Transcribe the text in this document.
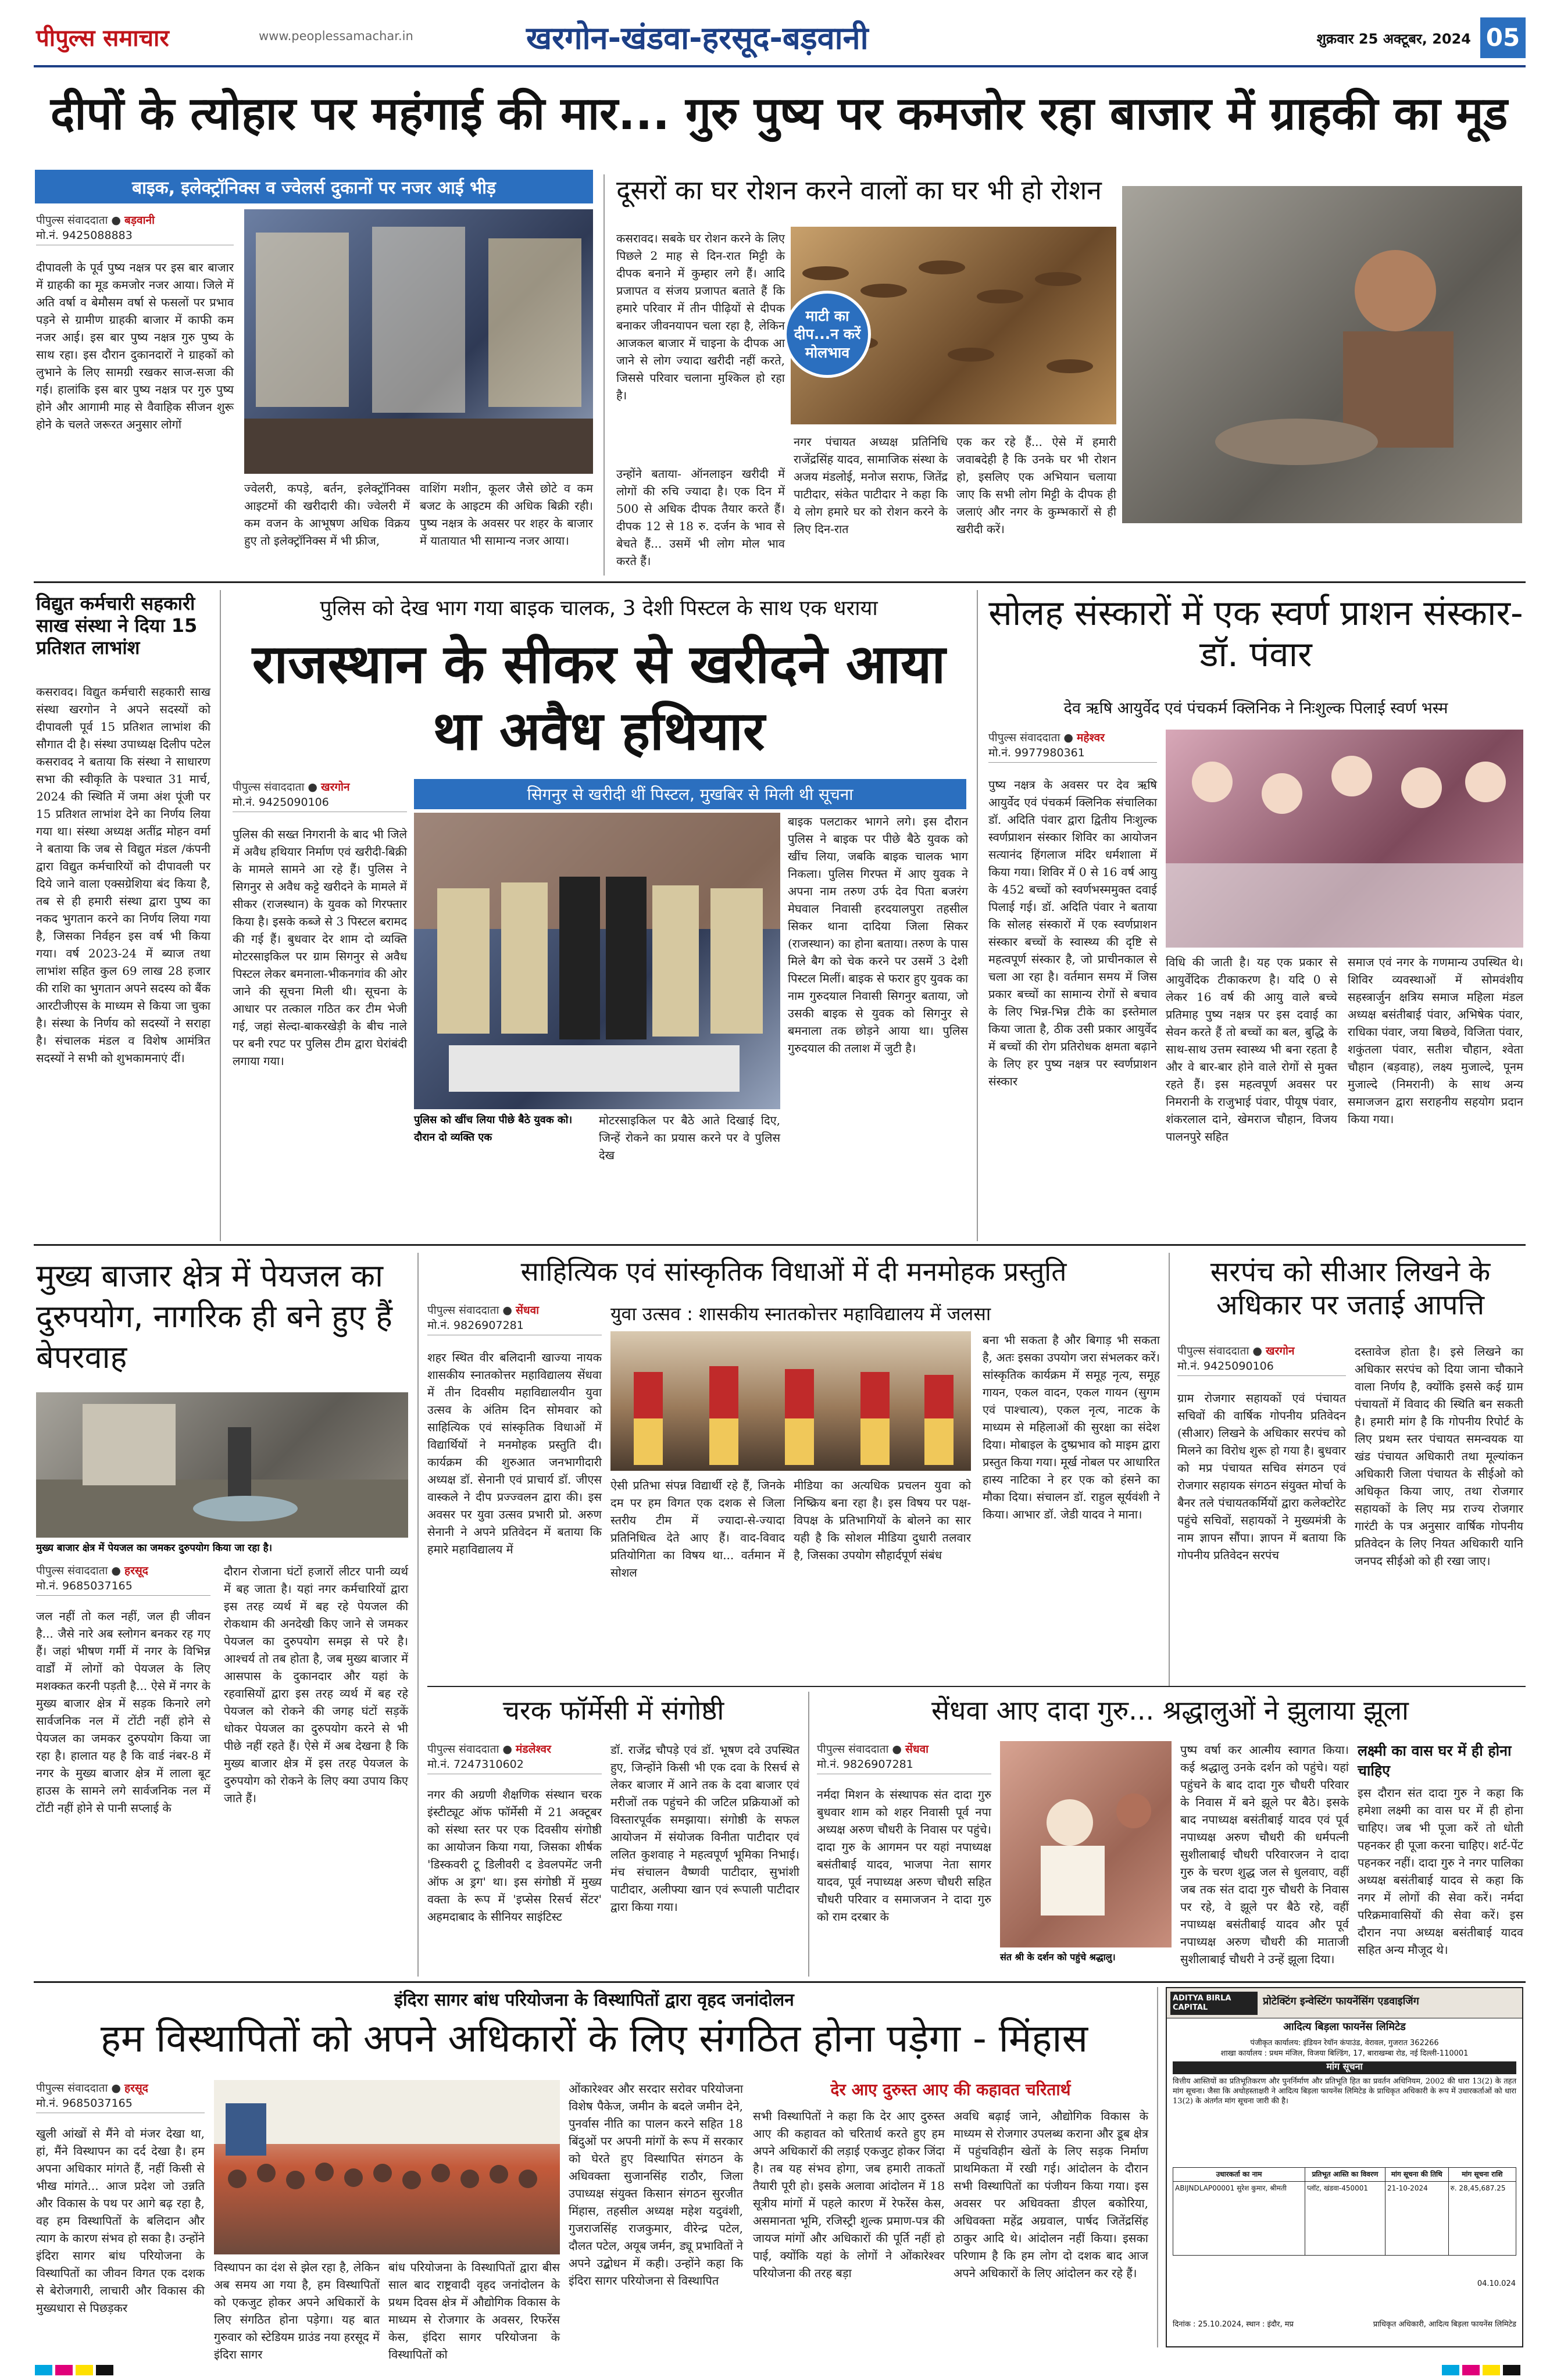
पीपुल्स समाचार	www.peoplessamachar.in	खरगोन-खंडवा-हरसूद-बड़वानी	शुक्रवार 25 अक्टूबर, 2024 05
दीपों के त्योहार पर महंगाई की मार... गुरु पुष्य पर कमजोर रहा बाजार में ग्राहकी का मूड
बाइक, इलेक्ट्रॉनिक्स व ज्वेलर्स दुकानों पर नजर आई भीड़
पीपुल्स संवाददाता ● बड़वानी
मो.नं. 9425088883
दीपावली के पूर्व पुष्य नक्षत्र पर इस बार बाजार में ग्राहकी का मूड कमजोर नजर आया। जिले में अति वर्षा व बेमौसम वर्षा से फसलों पर प्रभाव पड़ने से ग्रामीण ग्राहकी बाजार में काफी कम नजर आई। इस बार पुष्य नक्षत्र गुरु पुष्य के साथ रहा। इस दौरान दुकानदारों ने ग्राहकों को लुभाने के लिए सामग्री रखकर साज-सजा की गई। हालांकि इस बार पुष्य नक्षत्र पर गुरु पुष्य होने और आगामी माह से वैवाहिक सीजन शुरू होने के चलते जरूरत अनुसार लोगों
ज्वेलरी, कपड़े, बर्तन, इलेक्ट्रॉनिक्स आइटमों की खरीदारी की। ज्वेलरी में कम वजन के आभूषण अधिक विक्रय हुए तो इलेक्ट्रॉनिक्स में भी फ्रीज,
वाशिंग मशीन, कूलर जैसे छोटे व कम बजट के आइटम की अधिक बिक्री रही। पुष्य नक्षत्र के अवसर पर शहर के बाजार में यातायात भी सामान्य नजर आया।
दूसरों का घर रोशन करने वालों का घर भी हो रोशन
माटी का दीप...न करें मोलभाव
कसरावद। सबके घर रोशन करने के लिए पिछले 2 माह से दिन-रात मिट्टी के दीपक बनाने में कुम्हार लगे हैं। आदि प्रजापत व संजय प्रजापत बताते हैं कि हमारे परिवार में तीन पीढ़ियों से दीपक बनाकर जीवनयापन चला रहा है, लेकिन आजकल बाजार में चाइना के दीपक आ जाने से लोग ज्यादा खरीदी नहीं करते, जिससे परिवार चलाना मुश्किल हो रहा है।
उन्होंने बताया- ऑनलाइन खरीदी में लोगों की रुचि ज्यादा है। एक दिन में 500 से अधिक दीपक तैयार करते हैं। दीपक 12 से 18 रु. दर्जन के भाव से बेचते हैं... उसमें भी लोग मोल भाव करते हैं।
नगर पंचायत अध्यक्ष प्रतिनिधि राजेंद्रसिंह यादव, सामाजिक संस्था के अजय मंडलोई, मनोज सराफ, जितेंद्र पाटीदार, संकेत पाटीदार ने कहा कि ये लोग हमारे घर को रोशन करने के लिए दिन-रात
एक कर रहे हैं... ऐसे में हमारी जवाबदेही है कि उनके घर भी रोशन हो, इसलिए एक अभियान चलाया जाए कि सभी लोग मिट्टी के दीपक ही जलाएं और नगर के कुम्भकारों से ही खरीदी करें।
विद्युत कर्मचारी सहकारी साख संस्था ने दिया 15 प्रतिशत लाभांश
कसरावद। विद्युत कर्मचारी सहकारी साख संस्था खरगोन ने अपने सदस्यों को दीपावली पूर्व 15 प्रतिशत लाभांश की सौगात दी है। संस्था उपाध्यक्ष दिलीप पटेल कसरावद ने बताया कि संस्था ने साधारण सभा की स्वीकृति के पश्चात 31 मार्च, 2024 की स्थिति में जमा अंश पूंजी पर 15 प्रतिशत लाभांश देने का निर्णय लिया गया था। संस्था अध्यक्ष अतींद्र मोहन वर्मा ने बताया कि जब से विद्युत मंडल /कंपनी द्वारा विद्युत कर्मचारियों को दीपावली पर दिये जाने वाला एक्सग्रेशिया बंद किया है, तब से ही हमारी संस्था द्वारा पुष्य का नकद भुगतान करने का निर्णय लिया गया है, जिसका निर्वहन इस वर्ष भी किया गया। वर्ष 2023-24 में ब्याज तथा लाभांश सहित कुल 69 लाख 28 हजार की राशि का भुगतान अपने सदस्य को बैंक आरटीजीएस के माध्यम से किया जा चुका है। संस्था के निर्णय को सदस्यों ने सराहा है। संचालक मंडल व विशेष आमंत्रित सदस्यों ने सभी को शुभकामनाएं दीं।
पुलिस को देख भाग गया बाइक चालक, 3 देशी पिस्टल के साथ एक धराया
राजस्थान के सीकर से खरीदने आया था अवैध हथियार
पीपुल्स संवाददाता ● खरगोन
मो.नं. 9425090106	सिगनुर से खरीदी थीं पिस्टल, मुखबिर से मिली थी सूचना
पुलिस की सख्त निगरानी के बाद भी जिले में अवैध हथियार निर्माण एवं खरीदी-बिक्री के मामले सामने आ रहे हैं। पुलिस ने सिगनुर से अवैध कट्टे खरीदने के मामले में सीकर (राजस्थान) के युवक को गिरफ्तार किया है। इसके कब्जे से 3 पिस्टल बरामद की गई हैं। बुधवार देर शाम दो व्यक्ति मोटरसाइकिल पर ग्राम सिगनुर से अवैध पिस्टल लेकर बमनाला-भीकनगांव की ओर जाने की सूचना मिली थी। सूचना के आधार पर तत्काल गठित कर टीम भेजी गई, जहां सेल्दा-बाकरखेड़ी के बीच नाले पर बनी रपट पर पुलिस टीम द्वारा घेरांबंदी लगाया गया।
पुलिस को खींच लिया पीछे बैठे युवक को। दौरान दो व्यक्ति एक
मोटरसाइकिल पर बैठे आते दिखाई दिए, जिन्हें रोकने का प्रयास करने पर वे पुलिस देख
बाइक पलटाकर भागने लगे। इस दौरान पुलिस ने बाइक पर पीछे बैठे युवक को खींच लिया, जबकि बाइक चालक भाग निकला। पुलिस गिरफ्त में आए युवक ने अपना नाम तरुण उर्फ देव पिता बजरंग मेघवाल निवासी हरदयालपुरा तहसील सिकर थाना दादिया जिला सिकर (राजस्थान) का होना बताया। तरुण के पास मिले बैग को चेक करने पर उसमें 3 देशी पिस्टल मिलीं। बाइक से फरार हुए युवक का नाम गुरुदयाल निवासी सिगनुर बताया, जो उसकी बाइक से युवक को सिगनुर से बमनाला तक छोड़ने आया था। पुलिस गुरुदयाल की तलाश में जुटी है।
सोलह संस्कारों में एक स्वर्ण प्राशन संस्कार- डॉ. पंवार
देव ऋषि आयुर्वेद एवं पंचकर्म क्लिनिक ने निःशुल्क पिलाई स्वर्ण भस्म
पीपुल्स संवाददाता ● महेश्वर
मो.नं. 9977980361
पुष्य नक्षत्र के अवसर पर देव ऋषि आयुर्वेद एवं पंचकर्म क्लिनिक संचालिका डॉ. अदिति पंवार द्वारा द्वितीय निःशुल्क स्वर्णप्राशन संस्कार शिविर का आयोजन सत्यानंद हिंगलाज मंदिर धर्मशाला में किया गया। शिविर में 0 से 16 वर्ष आयु के 452 बच्चों को स्वर्णभस्ममुक्त दवाई पिलाई गई। डॉ. अदिति पंवार ने बताया कि सोलह संस्कारों में एक स्वर्णप्राशन संस्कार बच्चों के स्वास्थ्य की दृष्टि से महत्वपूर्ण संस्कार है, जो प्राचीनकाल से चला आ रहा है। वर्तमान समय में जिस प्रकार बच्चों का सामान्य रोगों से बचाव के लिए भिन्न-भिन्न टीके का इस्तेमाल किया जाता है, ठीक उसी प्रकार आयुर्वेद में बच्चों की रोग प्रतिरोधक क्षमता बढ़ाने के लिए हर पुष्य नक्षत्र पर स्वर्णप्राशन संस्कार
विधि की जाती है। यह एक प्रकार से आयुर्वेदिक टीकाकरण है। यदि 0 से लेकर 16 वर्ष की आयु वाले बच्चे प्रतिमाह पुष्य नक्षत्र पर इस दवाई का सेवन करते हैं तो बच्चों का बल, बुद्धि के साथ-साथ उत्तम स्वास्थ्य भी बना रहता है और वे बार-बार होने वाले रोगों से मुक्त रहते हैं। इस महत्वपूर्ण अवसर पर निमरानी के राजुभाई पंवार, पीयूष पंवार, शंकरलाल दाने, खेमराज चौहान, विजय पालनपुरे सहित
समाज एवं नगर के गणमान्य उपस्थित थे। शिविर व्यवस्थाओं में सोमवंशीय सहस्त्रार्जुन क्षत्रिय समाज महिला मंडल अध्यक्ष बसंतीबाई पंवार, अभिषेक पंवार, राधिका पंवार, जया बिछवे, विजिता पंवार, शकुंतला पंवार, सतीश चौहान, श्वेता चौहान (बड़वाह), लक्ष्य मुजाल्दे, पूनम मुजाल्दे (निमरानी) के साथ अन्य समाजजन द्वारा सराहनीय सहयोग प्रदान किया गया।
मुख्य बाजार क्षेत्र में पेयजल का दुरुपयोग, नागरिक ही बने हुए हैं बेपरवाह
मुख्य बाजार क्षेत्र में पेयजल का जमकर दुरुपयोग किया जा रहा है।
पीपुल्स संवाददाता ● हरसूद
मो.नं. 9685037165
जल नहीं तो कल नहीं, जल ही जीवन है... जैसे नारे अब स्लोगन बनकर रह गए हैं। जहां भीषण गर्मी में नगर के विभिन्न वार्डों में लोगों को पेयजल के लिए मशक्कत करनी पड़ती है... ऐसे में नगर के मुख्य बाजार क्षेत्र में सड़क किनारे लगे सार्वजनिक नल में टोंटी नहीं होने से पेयजल का जमकर दुरुपयोग किया जा रहा है। हालात यह है कि वार्ड नंबर-8 में नगर के मुख्य बाजार क्षेत्र में लाला बूट हाउस के सामने लगे सार्वजनिक नल में टोंटी नहीं होने से पानी सप्लाई के
दौरान रोजाना घंटों हजारों लीटर पानी व्यर्थ में बह जाता है। यहां नगर कर्मचारियों द्वारा इस तरह व्यर्थ में बह रहे पेयजल की रोकथाम की अनदेखी किए जाने से जमकर पेयजल का दुरुपयोग समझ से परे है। आश्चर्य तो तब होता है, जब मुख्य बाजार में आसपास के दुकानदार और यहां के रहवासियों द्वारा इस तरह व्यर्थ में बह रहे पेयजल को रोकने की जगह घंटों सड़कें धोकर पेयजल का दुरुपयोग करने से भी पीछे नहीं रहते हैं। ऐसे में अब देखना है कि मुख्य बाजार क्षेत्र में इस तरह पेयजल के दुरुपयोग को रोकने के लिए क्या उपाय किए जाते हैं।
साहित्यिक एवं सांस्कृतिक विधाओं में दी मनमोहक प्रस्तुति
पीपुल्स संवाददाता ● सेंधवा
मो.नं. 9826907281
युवा उत्सव : शासकीय स्नातकोत्तर महाविद्यालय में जलसा
शहर स्थित वीर बलिदानी खाज्या नायक शासकीय स्नातकोत्तर महाविद्यालय सेंधवा में तीन दिवसीय महाविद्यालयीन युवा उत्सव के अंतिम दिन सोमवार को साहित्यिक एवं सांस्कृतिक विधाओं में विद्यार्थियों ने मनमोहक प्रस्तुति दी। कार्यक्रम की शुरुआत जनभागीदारी अध्यक्ष डॉ. सेनानी एवं प्राचार्य डॉ. जीएस वास्कले ने दीप प्रज्ज्वलन द्वारा की। इस अवसर पर युवा उत्सव प्रभारी प्रो. अरुण सेनानी ने अपने प्रतिवेदन में बताया कि हमारे महाविद्यालय में
ऐसी प्रतिभा संपन्न विद्यार्थी रहे हैं, जिनके दम पर हम विगत एक दशक से जिला स्तरीय टीम में ज्यादा-से-ज्यादा प्रतिनिधित्व देते आए हैं। वाद-विवाद प्रतियोगिता का विषय था... वर्तमान में सोशल
मीडिया का अत्यधिक प्रचलन युवा को निष्क्रिय बना रहा है। इस विषय पर पक्ष-विपक्ष के प्रतिभागियों के बोलने का सार यही है कि सोशल मीडिया दुधारी तलवार है, जिसका उपयोग सौहार्दपूर्ण संबंध
बना भी सकता है और बिगाड़ भी सकता है, अतः इसका उपयोग जरा संभलकर करें। सांस्कृतिक कार्यक्रम में समूह नृत्य, समूह गायन, एकल वादन, एकल गायन (सुगम एवं पाश्चात्य), एकल नृत्य, नाटक के माध्यम से महिलाओं की सुरक्षा का संदेश दिया। मोबाइल के दुष्प्रभाव को माइम द्वारा प्रस्तुत किया गया। मूर्ख नोबल पर आधारित हास्य नाटिका ने हर एक को हंसने का मौका दिया। संचालन डॉ. राहुल सूर्यवंशी ने किया। आभार डॉ. जेडी यादव ने माना।
सरपंच को सीआर लिखने के अधिकार पर जताई आपत्ति
पीपुल्स संवाददाता ● खरगोन
मो.नं. 9425090106
ग्राम रोजगार सहायकों एवं पंचायत सचिवों की वार्षिक गोपनीय प्रतिवेदन (सीआर) लिखने के अधिकार सरपंच को मिलने का विरोध शुरू हो गया है। बुधवार को मप्र पंचायत सचिव संगठन एवं रोजगार सहायक संगठन संयुक्त मोर्चा के बैनर तले पंचायतकर्मियों द्वारा कलेक्टोरेट पहुंचे सचिवों, सहायकों ने मुख्यमंत्री के नाम ज्ञापन सौंपा। ज्ञापन में बताया कि गोपनीय प्रतिवेदन सरपंच
दस्तावेज होता है। इसे लिखने का अधिकार सरपंच को दिया जाना चौकाने वाला निर्णय है, क्योंकि इससे कई ग्राम पंचायतों में विवाद की स्थिति बन सकती है। हमारी मांग है कि गोपनीय रिपोर्ट के लिए प्रथम स्तर पंचायत समन्वयक या खंड पंचायत अधिकारी तथा मूल्यांकन अधिकारी जिला पंचायत के सीईओ को अधिकृत किया जाए, तथा रोजगार सहायकों के लिए मप्र राज्य रोजगार गारंटी के पत्र अनुसार वार्षिक गोपनीय प्रतिवेदन के लिए नियत अधिकारी यानि जनपद सीईओ को ही रखा जाए।
चरक फॉर्मेसी में संगोष्ठी
पीपुल्स संवाददाता ● मंडलेश्वर
मो.नं. 7247310602
नगर की अग्रणी शैक्षणिक संस्थान चरक इंस्टीट्यूट ऑफ फॉर्मेसी में 21 अक्टूबर को संस्था स्तर पर एक दिवसीय संगोष्ठी का आयोजन किया गया, जिसका शीर्षक 'डिस्कवरी टू डिलीवरी द डेवलपमेंट जनी ऑफ अ ड्रग' था। इस संगोष्ठी में मुख्य वक्ता के रूप में 'इप्सेस रिसर्च सेंटर' अहमदाबाद के सीनियर साइंटिस्ट
डॉ. राजेंद्र चौपड़े एवं डॉ. भूषण दवे उपस्थित हुए, जिन्होंने किसी भी एक दवा के रिसर्च से लेकर बाजार में आने तक के दवा बाजार एवं मरीजों तक पहुंचने की जटिल प्रक्रियाओं को विस्तारपूर्वक समझाया। संगोष्ठी के सफल आयोजन में संयोजक विनीता पाटीदार एवं ललित कुशवाह ने महत्वपूर्ण भूमिका निभाई। मंच संचालन वैष्णवी पाटीदार, सुभांशी पाटीदार, अलीफ्या खान एवं रूपाली पाटीदार द्वारा किया गया।
सेंधवा आए दादा गुरु... श्रद्धालुओं ने झुलाया झूला
पीपुल्स संवाददाता ● सेंधवा
मो.नं. 9826907281
संत श्री के दर्शन को पहुंचे श्रद्धालु।
नर्मदा मिशन के संस्थापक संत दादा गुरु बुधवार शाम को शहर निवासी पूर्व नपा अध्यक्ष अरुण चौधरी के निवास पर पहुंचे। दादा गुरु के आगमन पर यहां नपाध्यक्ष बसंतीबाई यादव, भाजपा नेता सागर यादव, पूर्व नपाध्यक्ष अरुण चौधरी सहित चौधरी परिवार व समाजजन ने दादा गुरु को राम दरबार के
पुष्प वर्षा कर आत्मीय स्वागत किया। कई श्रद्धालु उनके दर्शन को पहुंचे। यहां पहुंचने के बाद दादा गुरु चौधरी परिवार के निवास में बने झूले पर बैठे। इसके बाद नपाध्यक्ष बसंतीबाई यादव एवं पूर्व नपाध्यक्ष अरुण चौधरी की धर्मपत्नी सुशीलाबाई चौधरी परिवारजन ने दादा गुरु के चरण शुद्ध जल से धुलवाए, वहीं जब तक संत दादा गुरु चौधरी के निवास पर रहे, वे झूले पर बैठे रहे, वहीं नपाध्यक्ष बसंतीबाई यादव और पूर्व नपाध्यक्ष अरुण चौधरी की माताजी सुशीलाबाई चौधरी ने उन्हें झूला दिया।
लक्ष्मी का वास घर में ही होना चाहिए
इस दौरान संत दादा गुरु ने कहा कि हमेशा लक्ष्मी का वास घर में ही होना चाहिए। जब भी पूजा करें तो धोती पहनकर ही पूजा करना चाहिए। शर्ट-पेंट पहनकर नहीं। दादा गुरु ने नगर पालिका अध्यक्ष बसंतीबाई यादव से कहा कि नगर में लोगों की सेवा करें। नर्मदा परिक्रमावासियों की सेवा करें। इस दौरान नपा अध्यक्ष बसंतीबाई यादव सहित अन्य मौजूद थे।
इंदिरा सागर बांध परियोजना के विस्थापितों द्वारा वृहद जनांदोलन
हम विस्थापितों को अपने अधिकारों के लिए संगठित होना पड़ेगा - मिंहास
पीपुल्स संवाददाता ● हरसूद
मो.नं. 9685037165
खुली आंखों से मैंने वो मंजर देखा था, हां, मैंने विस्थापन का दर्द देखा है। हम अपना अधिकार मांगते हैं, नहीं किसी से भीख मांगते... आज प्रदेश जो उन्नति और विकास के पथ पर आगे बढ़ रहा है, वह हम विस्थापितों के बलिदान और त्याग के कारण संभव हो सका है। उन्होंने इंदिरा सागर बांध परियोजना के विस्थापितों का जीवन विगत एक दशक से बेरोजगारी, लाचारी और विकास की मुख्यधारा से पिछड़कर
विस्थापन का दंश से झेल रहा है, लेकिन अब समय आ गया है, हम विस्थापितों को एकजुट होकर अपने अधिकारों के लिए संगठित होना पड़ेगा। यह बात गुरुवार को स्टेडियम ग्राउंड नया हरसूद में इंदिरा सागर
बांध परियोजना के विस्थापितों द्वारा बीस साल बाद राष्ट्रवादी वृहद जनांदोलन के प्रथम दिवस क्षेत्र में औद्योगिक विकास के माध्यम से रोजगार के अवसर, रिफरेंस केस, इंदिरा सागर परियोजना के विस्थापितों को
ओंकारेश्वर और सरदार सरोवर परियोजना विशेष पैकेज, जमीन के बदले जमीन देने, पुनर्वास नीति का पालन करने सहित 18 बिंदुओं पर अपनी मांगों के रूप में सरकार को घेरते हुए विस्थापित संगठन के अधिवक्ता सुजानसिंह राठौर, जिला उपाध्यक्ष संयुक्त किसान संगठन सुरजीत मिंहास, तहसील अध्यक्ष महेश यदुवंशी, गुजराजसिंह राजकुमार, वीरेन्द्र पटेल, दौलत पटेल, अयूब जर्मन, ड्यू प्रभावितों ने अपने उद्बोधन में कही। उन्होंने कहा कि इंदिरा सागर परियोजना से विस्थापित
देर आए दुरुस्त आए की कहावत चरितार्थ
सभी विस्थापितों ने कहा कि देर आए दुरुस्त आए की कहावत को चरितार्थ करते हुए हम अपने अधिकारों की लड़ाई एकजुट होकर जिंदा है। तब यह संभव होगा, जब हमारी ताकतों तैयारी पूरी हो। इसके अलावा आंदोलन में 18 सूत्रीय मांगों में पहले कारण में रेफरेंस केस, असमानता भूमि, रजिस्ट्री शुल्क प्रमाण-पत्र की जायज मांगों और अधिकारों की पूर्ति नहीं हो पाई, क्योंकि यहां के लोगों ने ओंकारेश्वर परियोजना की तरह बड़ा
अवधि बढ़ाई जाने, औद्योगिक विकास के माध्यम से रोजगार उपलब्ध कराना और डूब क्षेत्र में पहुंचविहीन खेतों के लिए सड़क निर्माण प्राथमिकता में रखी गई। आंदोलन के दौरान सभी विस्थापितों का पंजीयन किया गया। इस अवसर पर अधिवक्ता डीएल बकोरिया, अधिवक्ता महेंद्र अग्रवाल, पार्षद जितेंद्रसिंह ठाकुर आदि थे। आंदोलन नहीं किया। इसका परिणाम है कि हम लोग दो दशक बाद आज अपने अधिकारों के लिए आंदोलन कर रहे हैं।
ADITYA BIRLA CAPITAL
प्रोटेक्टिंग इन्वेस्टिंग फायनेंसिंग एडवाइजिंग
आदित्य बिड़ला फायनेंस लिमिटेड
पंजीकृत कार्यालय: इंडियन रेयॉन कंपाउंड, वेरावल, गुजरात 362266
शाखा कार्यालय : प्रथम मंजिल, विजया बिल्डिंग, 17, बाराखम्बा रोड, नई दिल्ली-110001
मांग सूचना
वित्तीय आस्तियों का प्रतिभूतिकरण और पुनर्निर्माण और प्रतिभूति हित का प्रवर्तन अधिनियम, 2002 की धारा 13(2) के तहत मांग सूचना। जैसा कि अधोहस्ताक्षरी ने आदित्य बिड़ला फायनेंस लिमिटेड के प्राधिकृत अधिकारी के रूप में उधारकर्ताओं को धारा 13(2) के अंतर्गत मांग सूचना जारी की है।
उधारकर्ता का नाम	प्रतिभूत आस्ति का विवरण	मांग सूचना की तिथि	मांग सूचना राशि
ABIJNDLAP00001 सुरेश कुमार, श्रीमती	प्लॉट, खंडवा-450001	21-10-2024	रु. 28,45,687.25
04.10.024
दिनांक : 25.10.2024, स्थान : इंदौर, मप्र	प्राधिकृत अधिकारी, आदित्य बिड़ला फायनेंस लिमिटेड
